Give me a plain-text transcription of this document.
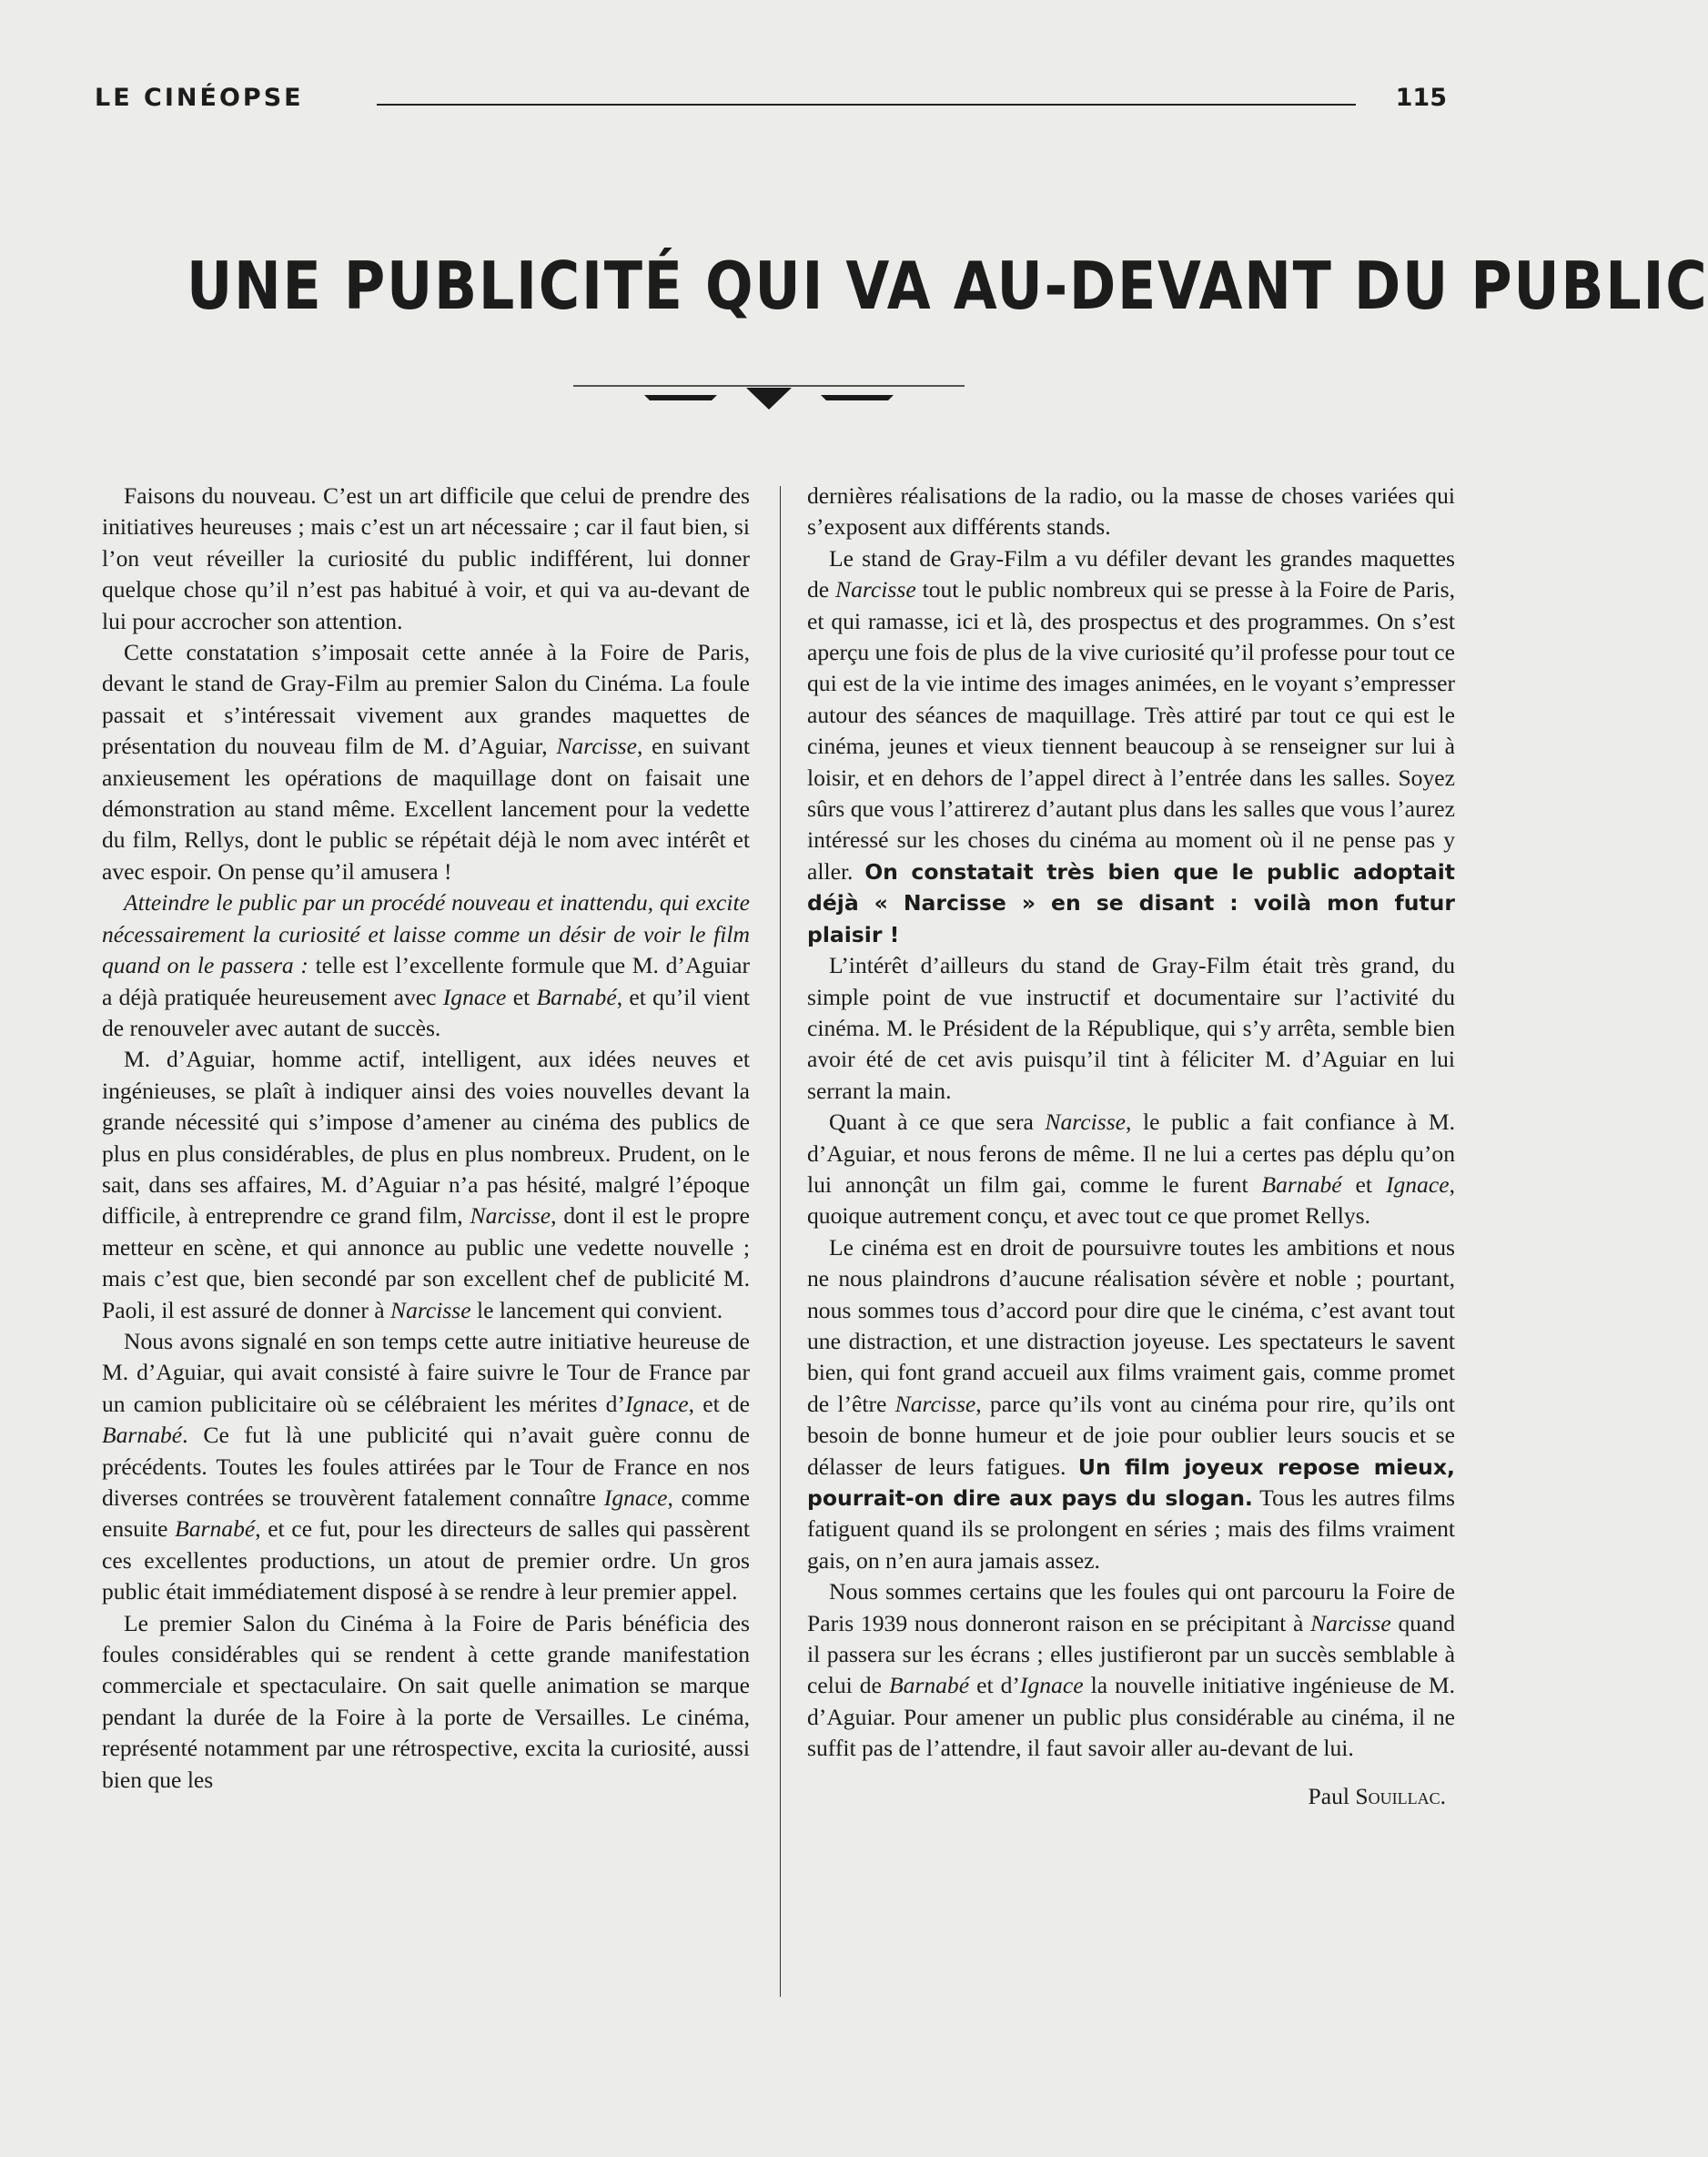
LE CINÉOPSE	115
UNE PUBLICITÉ QUI VA AU-DEVANT DU PUBLIC

Faisons du nouveau. C’est un art difficile que celui de prendre des initiatives heureuses ; mais c’est un art nécessaire ; car il faut bien, si l’on veut réveiller la curiosité du public indifférent, lui donner quelque chose qu’il n’est pas habitué à voir, et qui va au-devant de lui pour accrocher son attention.

Cette constatation s’imposait cette année à la Foire de Paris, devant le stand de Gray-Film au premier Salon du Cinéma. La foule passait et s’intéressait vivement aux grandes maquettes de présentation du nouveau film de M. d’Aguiar, Narcisse, en suivant anxieusement les opérations de maquillage dont on faisait une démonstration au stand même. Excellent lancement pour la vedette du film, Rellys, dont le public se répétait déjà le nom avec intérêt et avec espoir. On pense qu’il amusera !

Atteindre le public par un procédé nouveau et inattendu, qui excite nécessairement la curiosité et laisse comme un désir de voir le film quand on le passera : telle est l’excellente formule que M. d’Aguiar a déjà pratiquée heureusement avec Ignace et Barnabé, et qu’il vient de renouveler avec autant de succès.

M. d’Aguiar, homme actif, intelligent, aux idées neuves et ingénieuses, se plaît à indiquer ainsi des voies nouvelles devant la grande nécessité qui s’impose d’amener au cinéma des publics de plus en plus considérables, de plus en plus nombreux. Prudent, on le sait, dans ses affaires, M. d’Aguiar n’a pas hésité, malgré l’époque difficile, à entreprendre ce grand film, Narcisse, dont il est le propre metteur en scène, et qui annonce au public une vedette nouvelle ; mais c’est que, bien secondé par son excellent chef de publicité M. Paoli, il est assuré de donner à Narcisse le lancement qui convient.

Nous avons signalé en son temps cette autre initiative heureuse de M. d’Aguiar, qui avait consisté à faire suivre le Tour de France par un camion publicitaire où se célébraient les mérites d’Ignace, et de Barnabé. Ce fut là une publicité qui n’avait guère connu de précédents. Toutes les foules attirées par le Tour de France en nos diverses contrées se trouvèrent fatalement connaître Ignace, comme ensuite Barnabé, et ce fut, pour les directeurs de salles qui passèrent ces excellentes productions, un atout de premier ordre. Un gros public était immédiatement disposé à se rendre à leur premier appel.

Le premier Salon du Cinéma à la Foire de Paris bénéficia des foules considérables qui se rendent à cette grande manifestation commerciale et spectaculaire. On sait quelle animation se marque pendant la durée de la Foire à la porte de Versailles. Le cinéma, représenté notamment par une rétrospective, excita la curiosité, aussi bien que les

dernières réalisations de la radio, ou la masse de choses variées qui s’exposent aux différents stands.

Le stand de Gray-Film a vu défiler devant les grandes maquettes de Narcisse tout le public nombreux qui se presse à la Foire de Paris, et qui ramasse, ici et là, des prospectus et des programmes. On s’est aperçu une fois de plus de la vive curiosité qu’il professe pour tout ce qui est de la vie intime des images animées, en le voyant s’empresser autour des séances de maquillage. Très attiré par tout ce qui est le cinéma, jeunes et vieux tiennent beaucoup à se renseigner sur lui à loisir, et en dehors de l’appel direct à l’entrée dans les salles. Soyez sûrs que vous l’attirerez d’autant plus dans les salles que vous l’aurez intéressé sur les choses du cinéma au moment où il ne pense pas y aller. On constatait très bien que le public adoptait déjà « Narcisse » en se disant : voilà mon futur plaisir !

L’intérêt d’ailleurs du stand de Gray-Film était très grand, du simple point de vue instructif et documentaire sur l’activité du cinéma. M. le Président de la République, qui s’y arrêta, semble bien avoir été de cet avis puisqu’il tint à féliciter M. d’Aguiar en lui serrant la main.

Quant à ce que sera Narcisse, le public a fait confiance à M. d’Aguiar, et nous ferons de même. Il ne lui a certes pas déplu qu’on lui annonçât un film gai, comme le furent Barnabé et Ignace, quoique autrement conçu, et avec tout ce que promet Rellys.

Le cinéma est en droit de poursuivre toutes les ambitions et nous ne nous plaindrons d’aucune réalisation sévère et noble ; pourtant, nous sommes tous d’accord pour dire que le cinéma, c’est avant tout une distraction, et une distraction joyeuse. Les spectateurs le savent bien, qui font grand accueil aux films vraiment gais, comme promet de l’être Narcisse, parce qu’ils vont au cinéma pour rire, qu’ils ont besoin de bonne humeur et de joie pour oublier leurs soucis et se délasser de leurs fatigues. Un film joyeux repose mieux, pourrait-on dire aux pays du slogan. Tous les autres films fatiguent quand ils se prolongent en séries ; mais des films vraiment gais, on n’en aura jamais assez.

Nous sommes certains que les foules qui ont parcouru la Foire de Paris 1939 nous donneront raison en se précipitant à Narcisse quand il passera sur les écrans ; elles justifieront par un succès semblable à celui de Barnabé et d’Ignace la nouvelle initiative ingénieuse de M. d’Aguiar. Pour amener un public plus considérable au cinéma, il ne suffit pas de l’attendre, il faut savoir aller au-devant de lui.

Paul Souillac.
